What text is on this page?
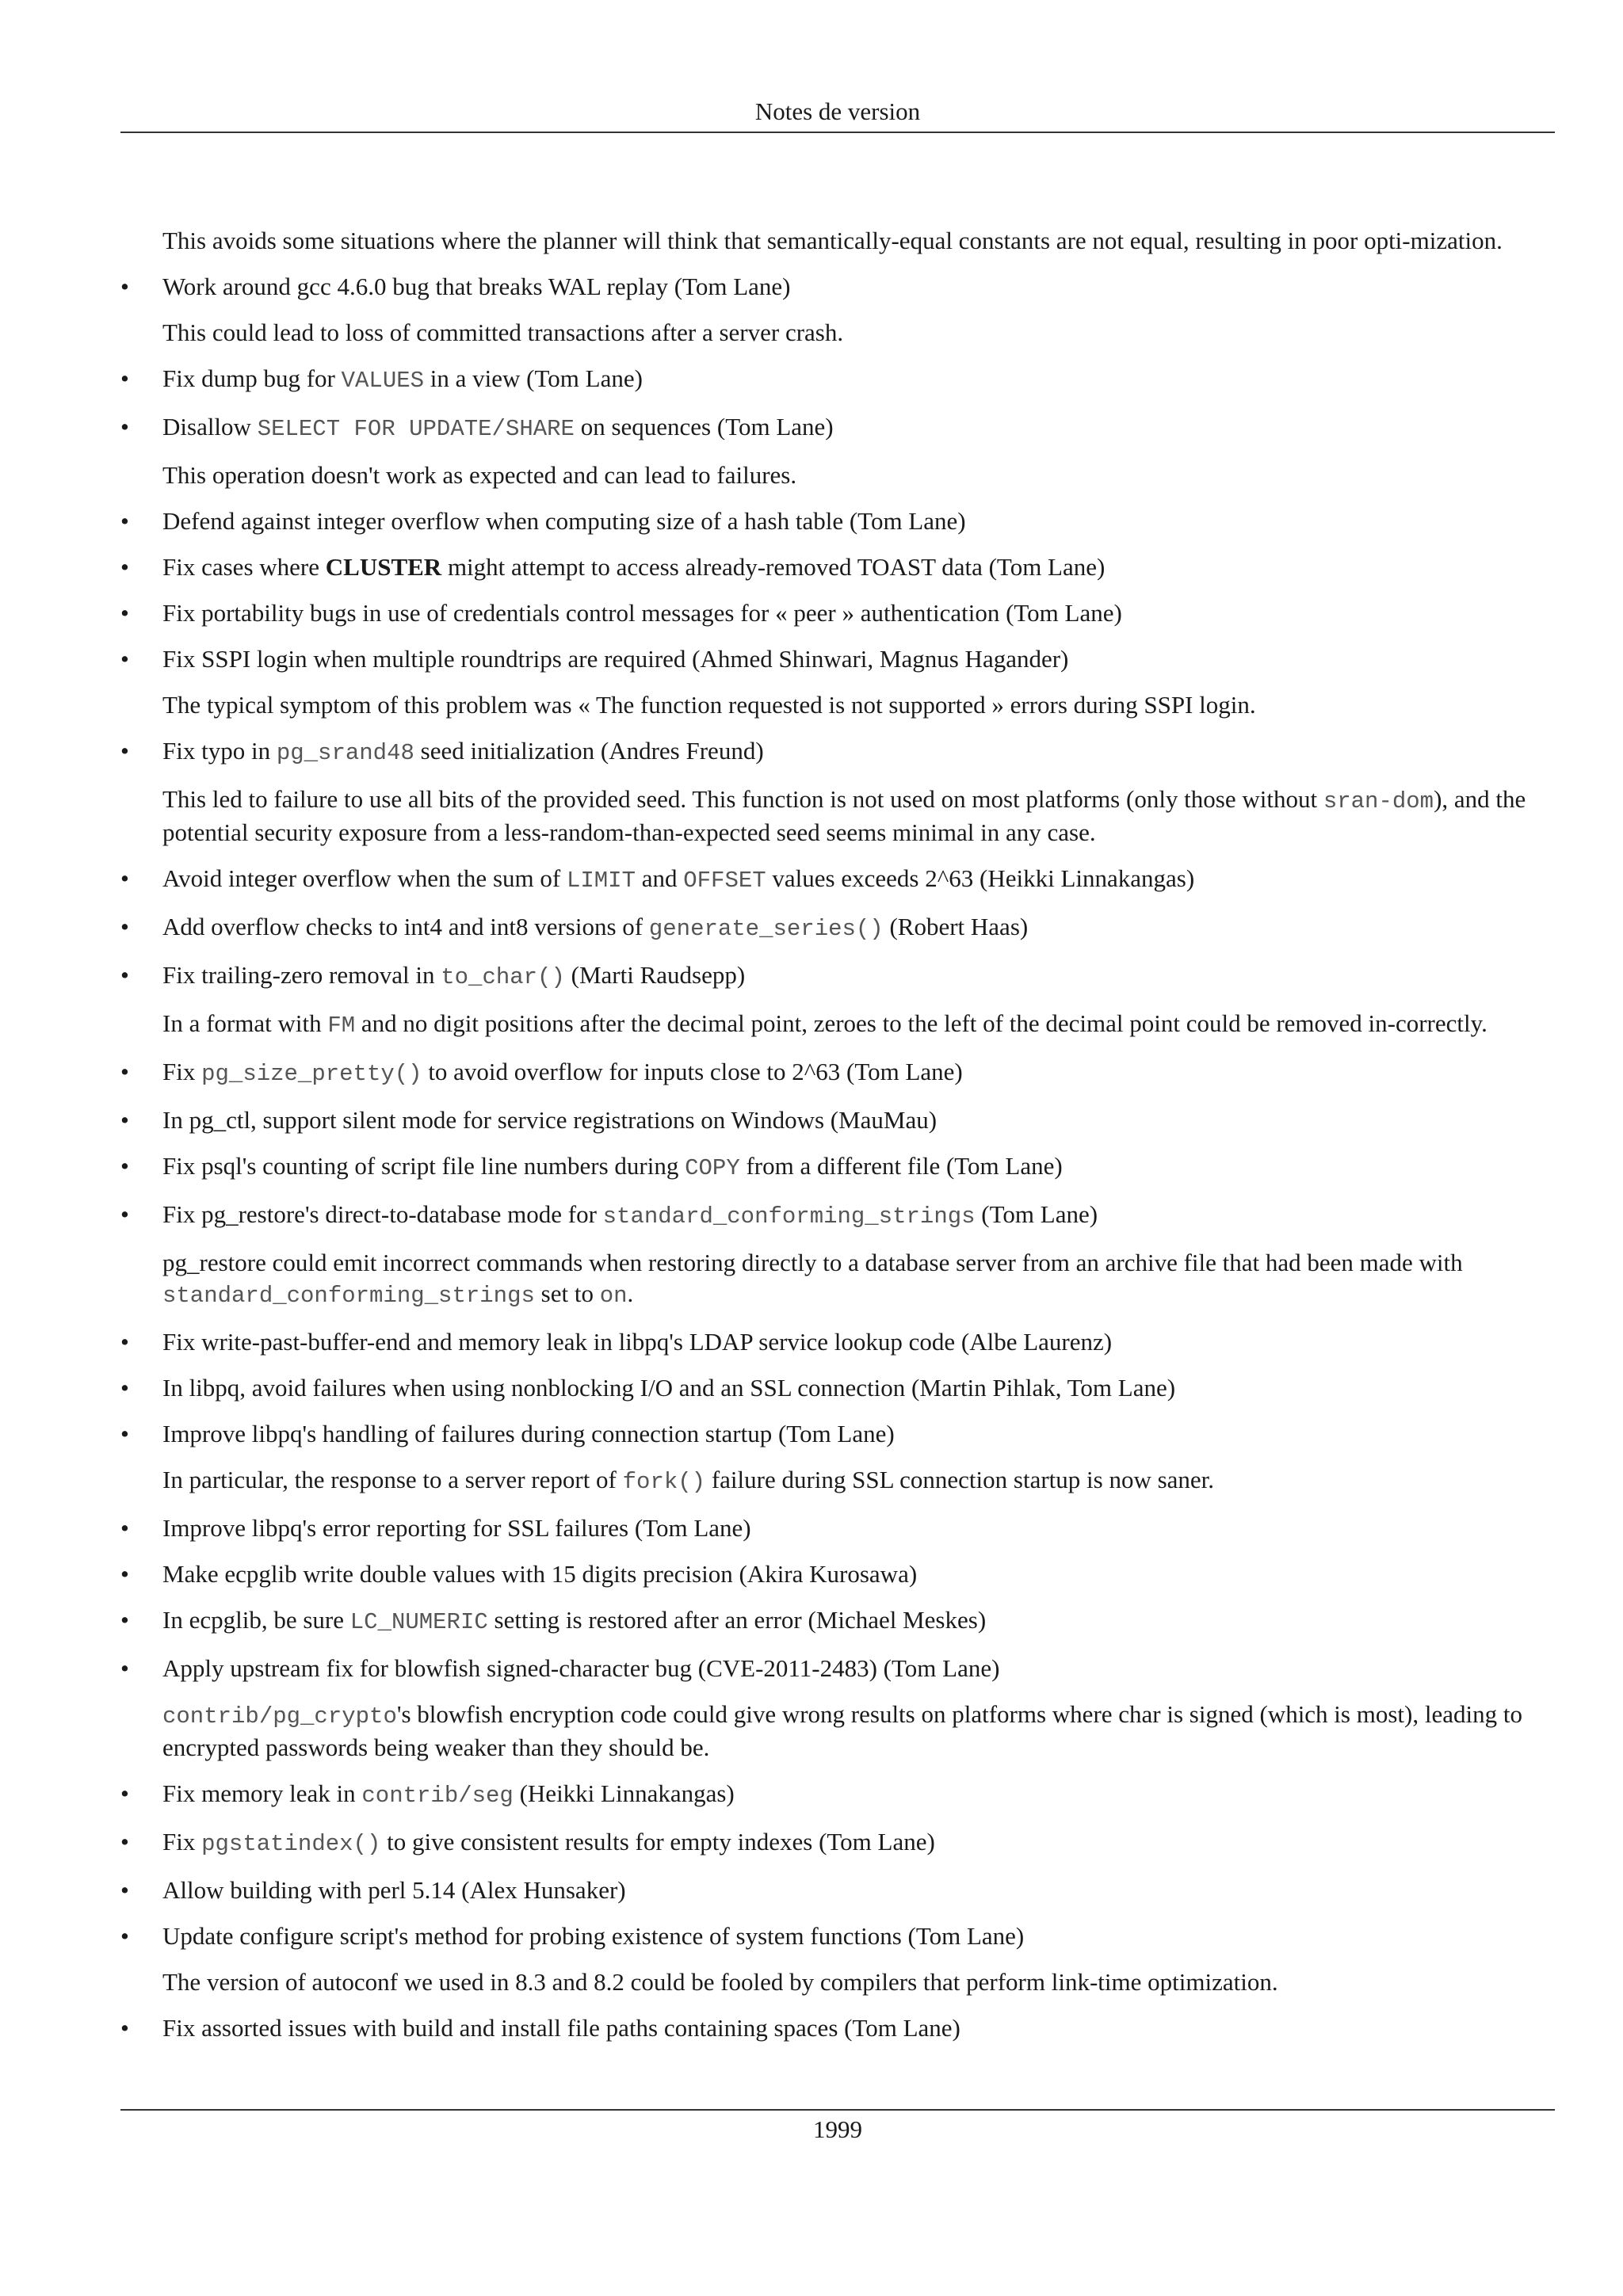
Notes de version
This avoids some situations where the planner will think that semantically-equal constants are not equal, resulting in poor opti-mization.
• Work around gcc 4.6.0 bug that breaks WAL replay (Tom Lane)
This could lead to loss of committed transactions after a server crash.
• Fix dump bug for VALUES in a view (Tom Lane)
• Disallow SELECT FOR UPDATE/SHARE on sequences (Tom Lane)
This operation doesn't work as expected and can lead to failures.
• Defend against integer overflow when computing size of a hash table (Tom Lane)
• Fix cases where CLUSTER might attempt to access already-removed TOAST data (Tom Lane)
• Fix portability bugs in use of credentials control messages for « peer » authentication (Tom Lane)
• Fix SSPI login when multiple roundtrips are required (Ahmed Shinwari, Magnus Hagander)
The typical symptom of this problem was « The function requested is not supported » errors during SSPI login.
• Fix typo in pg_srand48 seed initialization (Andres Freund)
This led to failure to use all bits of the provided seed. This function is not used on most platforms (only those without sran-dom), and the potential security exposure from a less-random-than-expected seed seems minimal in any case.
• Avoid integer overflow when the sum of LIMIT and OFFSET values exceeds 2^63 (Heikki Linnakangas)
• Add overflow checks to int4 and int8 versions of generate_series() (Robert Haas)
• Fix trailing-zero removal in to_char() (Marti Raudsepp)
In a format with FM and no digit positions after the decimal point, zeroes to the left of the decimal point could be removed in-correctly.
• Fix pg_size_pretty() to avoid overflow for inputs close to 2^63 (Tom Lane)
• In pg_ctl, support silent mode for service registrations on Windows (MauMau)
• Fix psql's counting of script file line numbers during COPY from a different file (Tom Lane)
• Fix pg_restore's direct-to-database mode for standard_conforming_strings (Tom Lane)
pg_restore could emit incorrect commands when restoring directly to a database server from an archive file that had been made with standard_conforming_strings set to on.
• Fix write-past-buffer-end and memory leak in libpq's LDAP service lookup code (Albe Laurenz)
• In libpq, avoid failures when using nonblocking I/O and an SSL connection (Martin Pihlak, Tom Lane)
• Improve libpq's handling of failures during connection startup (Tom Lane)
In particular, the response to a server report of fork() failure during SSL connection startup is now saner.
• Improve libpq's error reporting for SSL failures (Tom Lane)
• Make ecpglib write double values with 15 digits precision (Akira Kurosawa)
• In ecpglib, be sure LC_NUMERIC setting is restored after an error (Michael Meskes)
• Apply upstream fix for blowfish signed-character bug (CVE-2011-2483) (Tom Lane)
contrib/pg_crypto's blowfish encryption code could give wrong results on platforms where char is signed (which is most), leading to encrypted passwords being weaker than they should be.
• Fix memory leak in contrib/seg (Heikki Linnakangas)
• Fix pgstatindex() to give consistent results for empty indexes (Tom Lane)
• Allow building with perl 5.14 (Alex Hunsaker)
• Update configure script's method for probing existence of system functions (Tom Lane)
The version of autoconf we used in 8.3 and 8.2 could be fooled by compilers that perform link-time optimization.
• Fix assorted issues with build and install file paths containing spaces (Tom Lane)
1999
